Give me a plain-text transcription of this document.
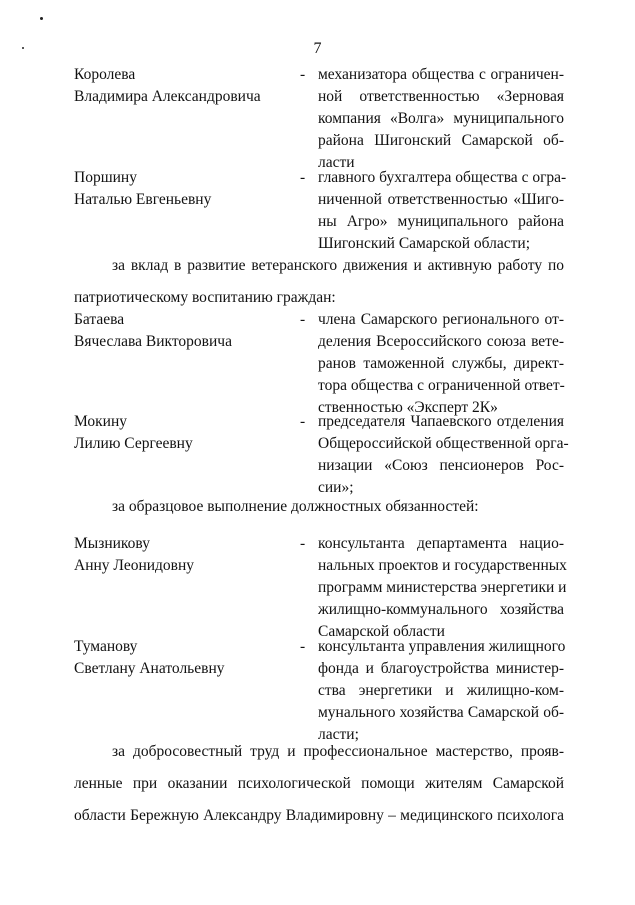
7
Королева
Владимира Александровича
- механизатора общества с ограничен-
ной ответственностью «Зерновая
компания «Волга» муниципального
района Шигонский Самарской об-
ласти
Поршину
Наталью Евгеньевну
- главного бухгалтера общества с огра-
ниченной ответственностью «Шиго-
ны Агро» муниципального района
Шигонский Самарской области;
за вклад в развитие ветеранского движения и активную работу по
патриотическому воспитанию граждан:
Батаева
Вячеслава Викторовича
- члена Самарского регионального от-
деления Всероссийского союза вете-
ранов таможенной службы, директ-
тора общества с ограниченной ответ-
ственностью «Эксперт 2К»
Мокину
Лилию Сергеевну
- председателя Чапаевского отделения
Общероссийской общественной орга-
низации «Союз пенсионеров Рос-
сии»;
за образцовое выполнение должностных обязанностей:
Мызникову
Анну Леонидовну
- консультанта департамента нацио-
нальных проектов и государственных
программ министерства энергетики и
жилищно-коммунального хозяйства
Самарской области
Туманову
Светлану Анатольевну
- консультанта управления жилищного
фонда и благоустройства министер-
ства энергетики и жилищно-ком-
мунального хозяйства Самарской об-
ласти;
за добросовестный труд и профессиональное мастерство, прояв-
ленные при оказании психологической помощи жителям Самарской
области Бережную Александру Владимировну – медицинского психолога
